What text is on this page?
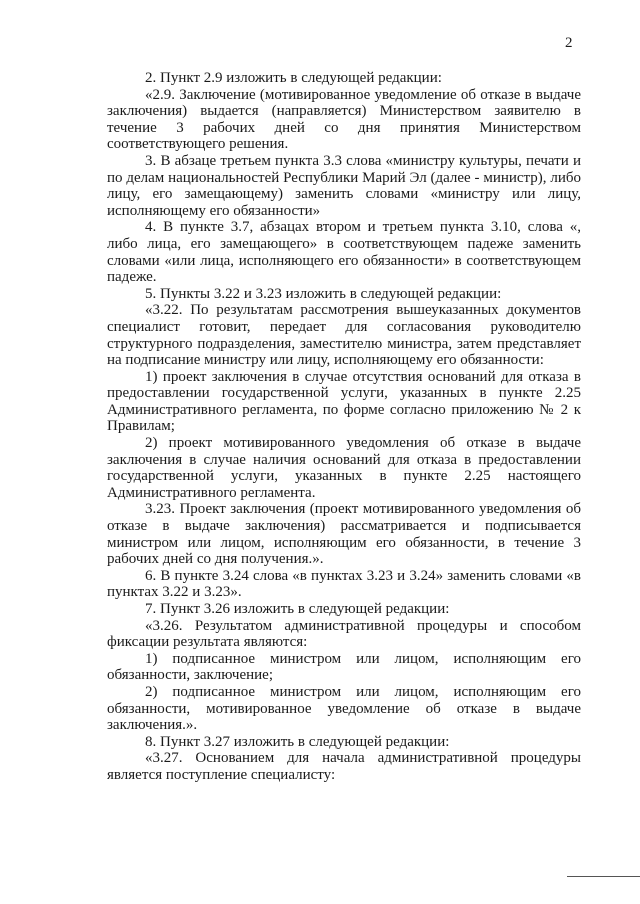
2

2. Пункт 2.9 изложить в следующей редакции:

«2.9. Заключение (мотивированное уведомление об отказе в выдаче заключения) выдается (направляется) Министерством заявителю в течение 3 рабочих дней со дня принятия Министерством соответствующего решения.

3. В абзаце третьем пункта 3.3 слова «министру культуры, печати и по делам национальностей Республики Марий Эл (далее - министр), либо лицу, его замещающему) заменить словами «министру или лицу, исполняющему его обязанности»

4. В пункте 3.7, абзацах втором и третьем пункта 3.10, слова «, либо лица, его замещающего» в соответствующем падеже заменить словами «или лица, исполняющего его обязанности» в соответствующем падеже.

5. Пункты 3.22 и 3.23 изложить в следующей редакции:

«3.22. По результатам рассмотрения вышеуказанных документов специалист готовит, передает для согласования руководителю структурного подразделения, заместителю министра, затем представляет на подписание министру или лицу, исполняющему его обязанности:

1) проект заключения в случае отсутствия оснований для отказа в предоставлении государственной услуги, указанных в пункте 2.25 Административного регламента, по форме согласно приложению № 2 к Правилам;

2) проект мотивированного уведомления об отказе в выдаче заключения в случае наличия оснований для отказа в предоставлении государственной услуги, указанных в пункте 2.25 настоящего Административного регламента.

3.23. Проект заключения (проект мотивированного уведомления об отказе в выдаче заключения) рассматривается и подписывается министром или лицом, исполняющим его обязанности, в течение 3 рабочих дней со дня получения.».

6. В пункте 3.24 слова «в пунктах 3.23 и 3.24» заменить словами «в пунктах 3.22 и 3.23».

7. Пункт 3.26 изложить в следующей редакции:

«3.26. Результатом административной процедуры и способом фиксации результата являются:

1) подписанное министром или лицом, исполняющим его обязанности, заключение;

2) подписанное министром или лицом, исполняющим его обязанности, мотивированное уведомление об отказе в выдаче заключения.».

8. Пункт 3.27 изложить в следующей редакции:

«3.27. Основанием для начала административной процедуры является поступление специалисту:
